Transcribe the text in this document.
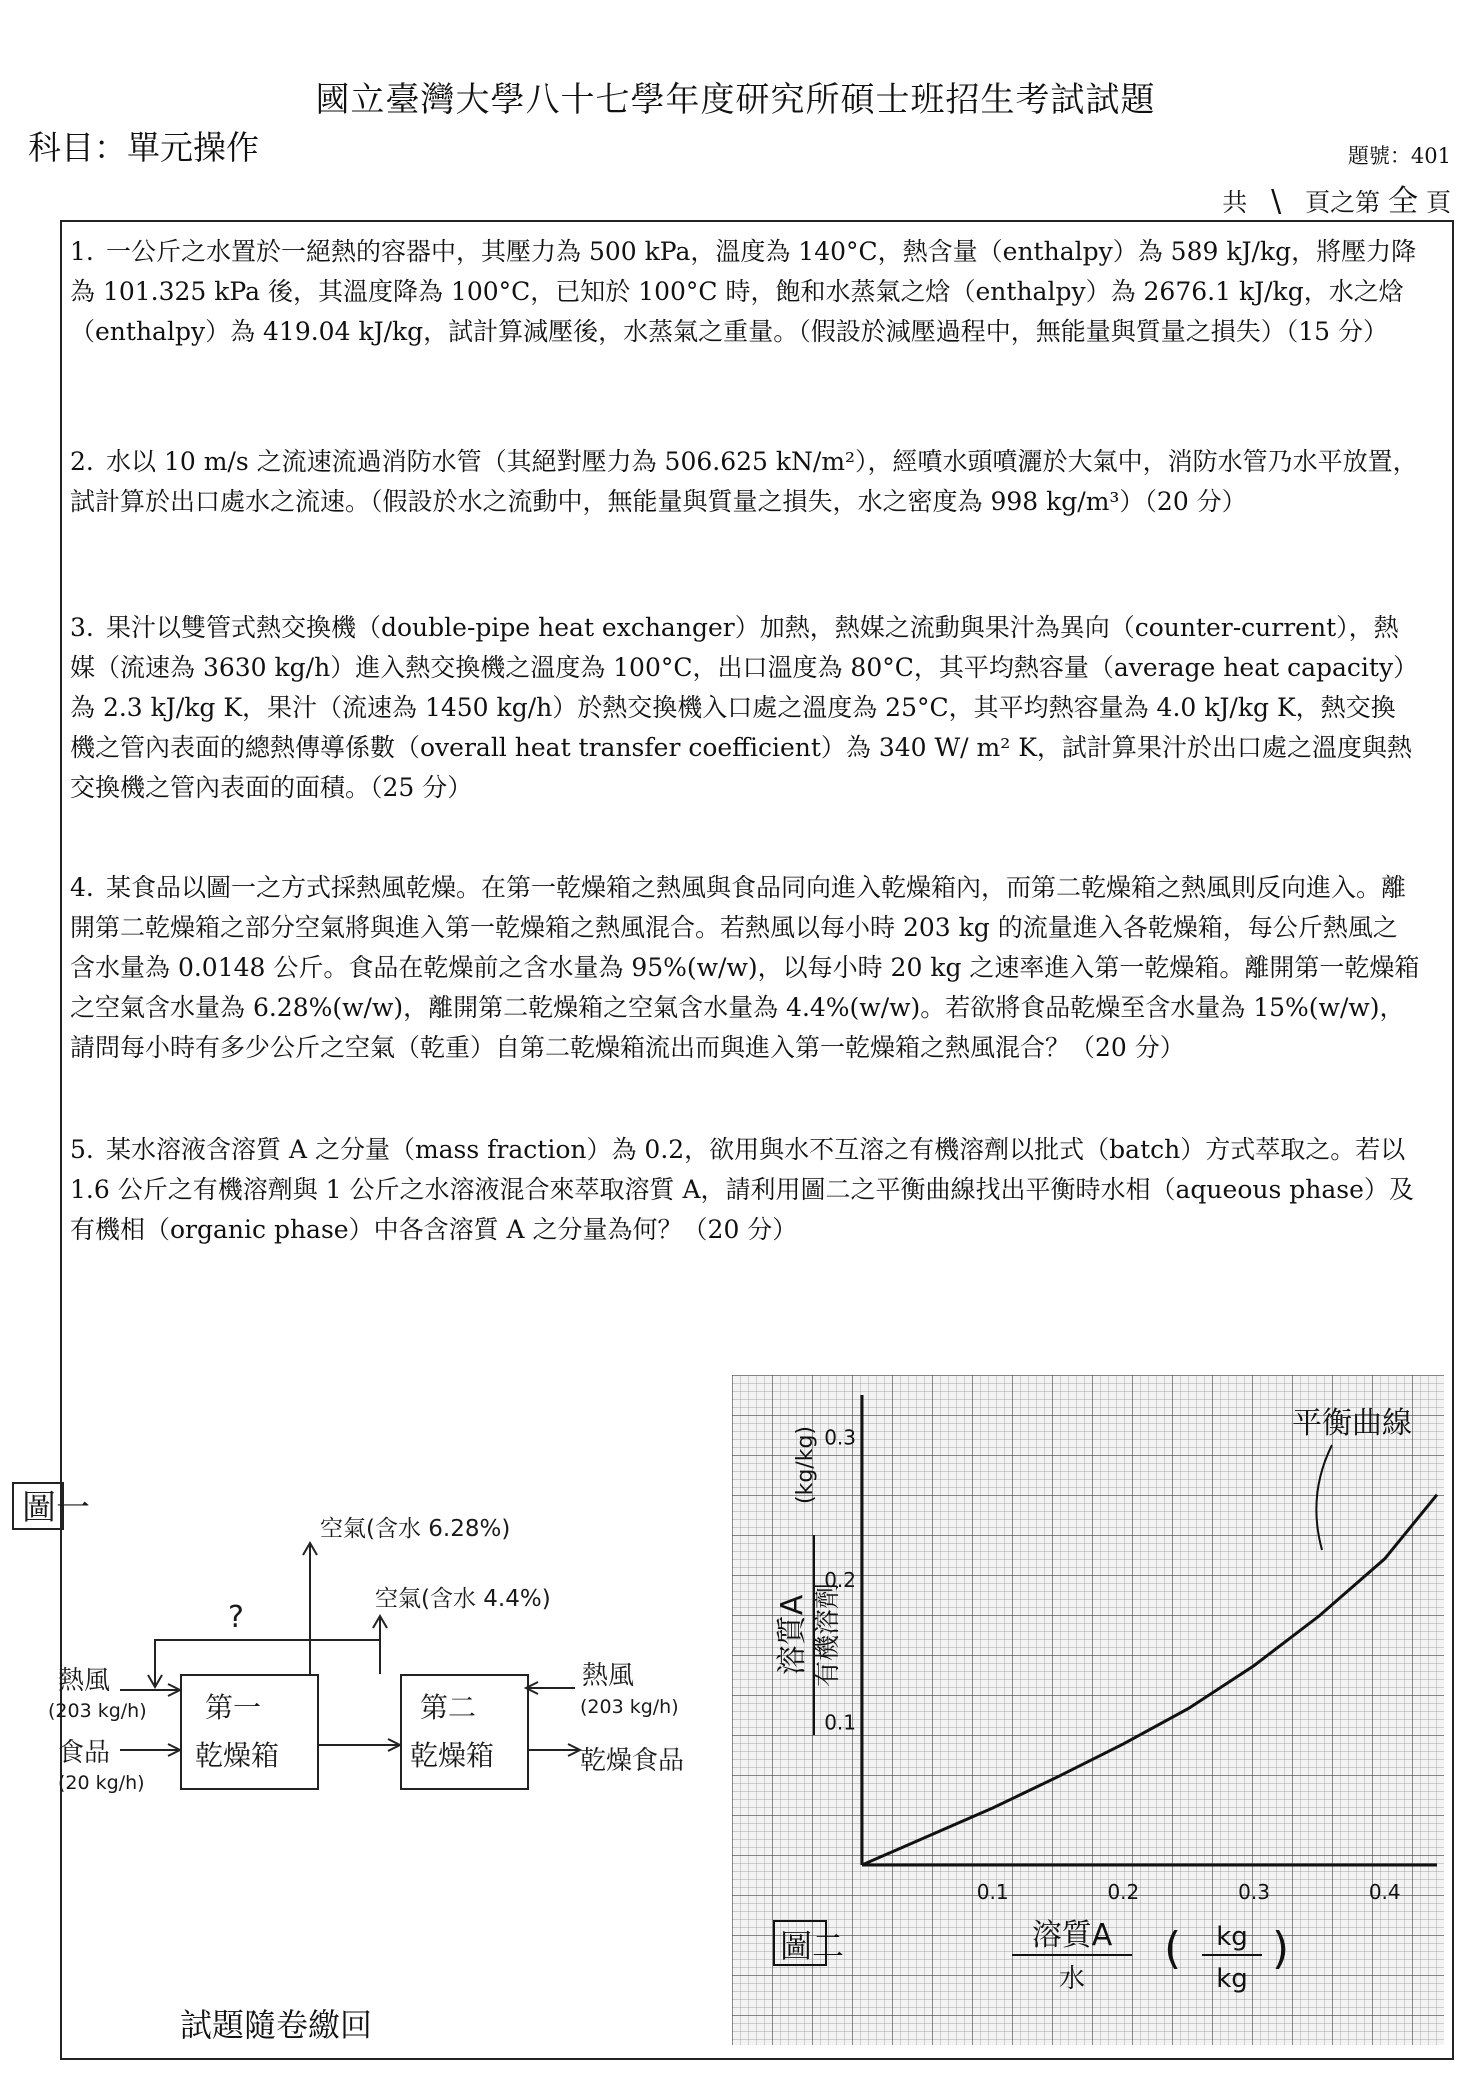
國立臺灣大學八十七學年度研究所碩士班招生考試試題
科目：單元操作	題號：401
共 \ 頁之第 全 頁
1. 一公斤之水置於一絕熱的容器中，其壓力為 500 kPa，溫度為 140°C，熱含量（enthalpy）為 589 kJ/kg，將壓力降為 101.325 kPa 後，其溫度降為 100°C，已知於 100°C 時，飽和水蒸氣之焓（enthalpy）為 2676.1 kJ/kg，水之焓（enthalpy）為 419.04 kJ/kg，試計算減壓後，水蒸氣之重量。（假設於減壓過程中，無能量與質量之損失）（15 分）
2. 水以 10 m/s 之流速流過消防水管（其絕對壓力為 506.625 kN/m²），經噴水頭噴灑於大氣中，消防水管乃水平放置，試計算於出口處水之流速。（假設於水之流動中，無能量與質量之損失，水之密度為 998 kg/m³）（20 分）
3. 果汁以雙管式熱交換機（double-pipe heat exchanger）加熱，熱媒之流動與果汁為異向（counter-current），熱媒（流速為 3630 kg/h）進入熱交換機之溫度為 100°C，出口溫度為 80°C，其平均熱容量（average heat capacity）為 2.3 kJ/kg K，果汁（流速為 1450 kg/h）於熱交換機入口處之溫度為 25°C，其平均熱容量為 4.0 kJ/kg K，熱交換機之管內表面的總熱傳導係數（overall heat transfer coefficient）為 340 W/ m² K，試計算果汁於出口處之溫度與熱交換機之管內表面的面積。（25 分）
4. 某食品以圖一之方式採熱風乾燥。在第一乾燥箱之熱風與食品同向進入乾燥箱內，而第二乾燥箱之熱風則反向進入。離開第二乾燥箱之部分空氣將與進入第一乾燥箱之熱風混合。若熱風以每小時 203 kg 的流量進入各乾燥箱，每公斤熱風之含水量為 0.0148 公斤。食品在乾燥前之含水量為 95%(w/w)，以每小時 20 kg 之速率進入第一乾燥箱。離開第一乾燥箱之空氣含水量為 6.28%(w/w)，離開第二乾燥箱之空氣含水量為 4.4%(w/w)。若欲將食品乾燥至含水量為 15%(w/w)，請問每小時有多少公斤之空氣（乾重）自第二乾燥箱流出而與進入第一乾燥箱之熱風混合？（20 分）
5. 某水溶液含溶質 A 之分量（mass fraction）為 0.2，欲用與水不互溶之有機溶劑以批式（batch）方式萃取之。若以 1.6 公斤之有機溶劑與 1 公斤之水溶液混合來萃取溶質 A，請利用圖二之平衡曲線找出平衡時水相（aqueous phase）及有機相（organic phase）中各含溶質 A 之分量為何？（20 分）
圖一
空氣(含水 6.28%)
空氣(含水 4.4%)
?
熱風
(203 kg/h)
食品
(20 kg/h)
第一
乾燥箱
第二
乾燥箱
熱風
(203 kg/h)
乾燥食品
0.1	0.2	0.3	0.4
0.1
0.2
0.3	平衡曲線
溶質A 有機溶劑
(kg/kg)
圖二	溶質A
水
( kg
kg
)
試題隨卷繳回
